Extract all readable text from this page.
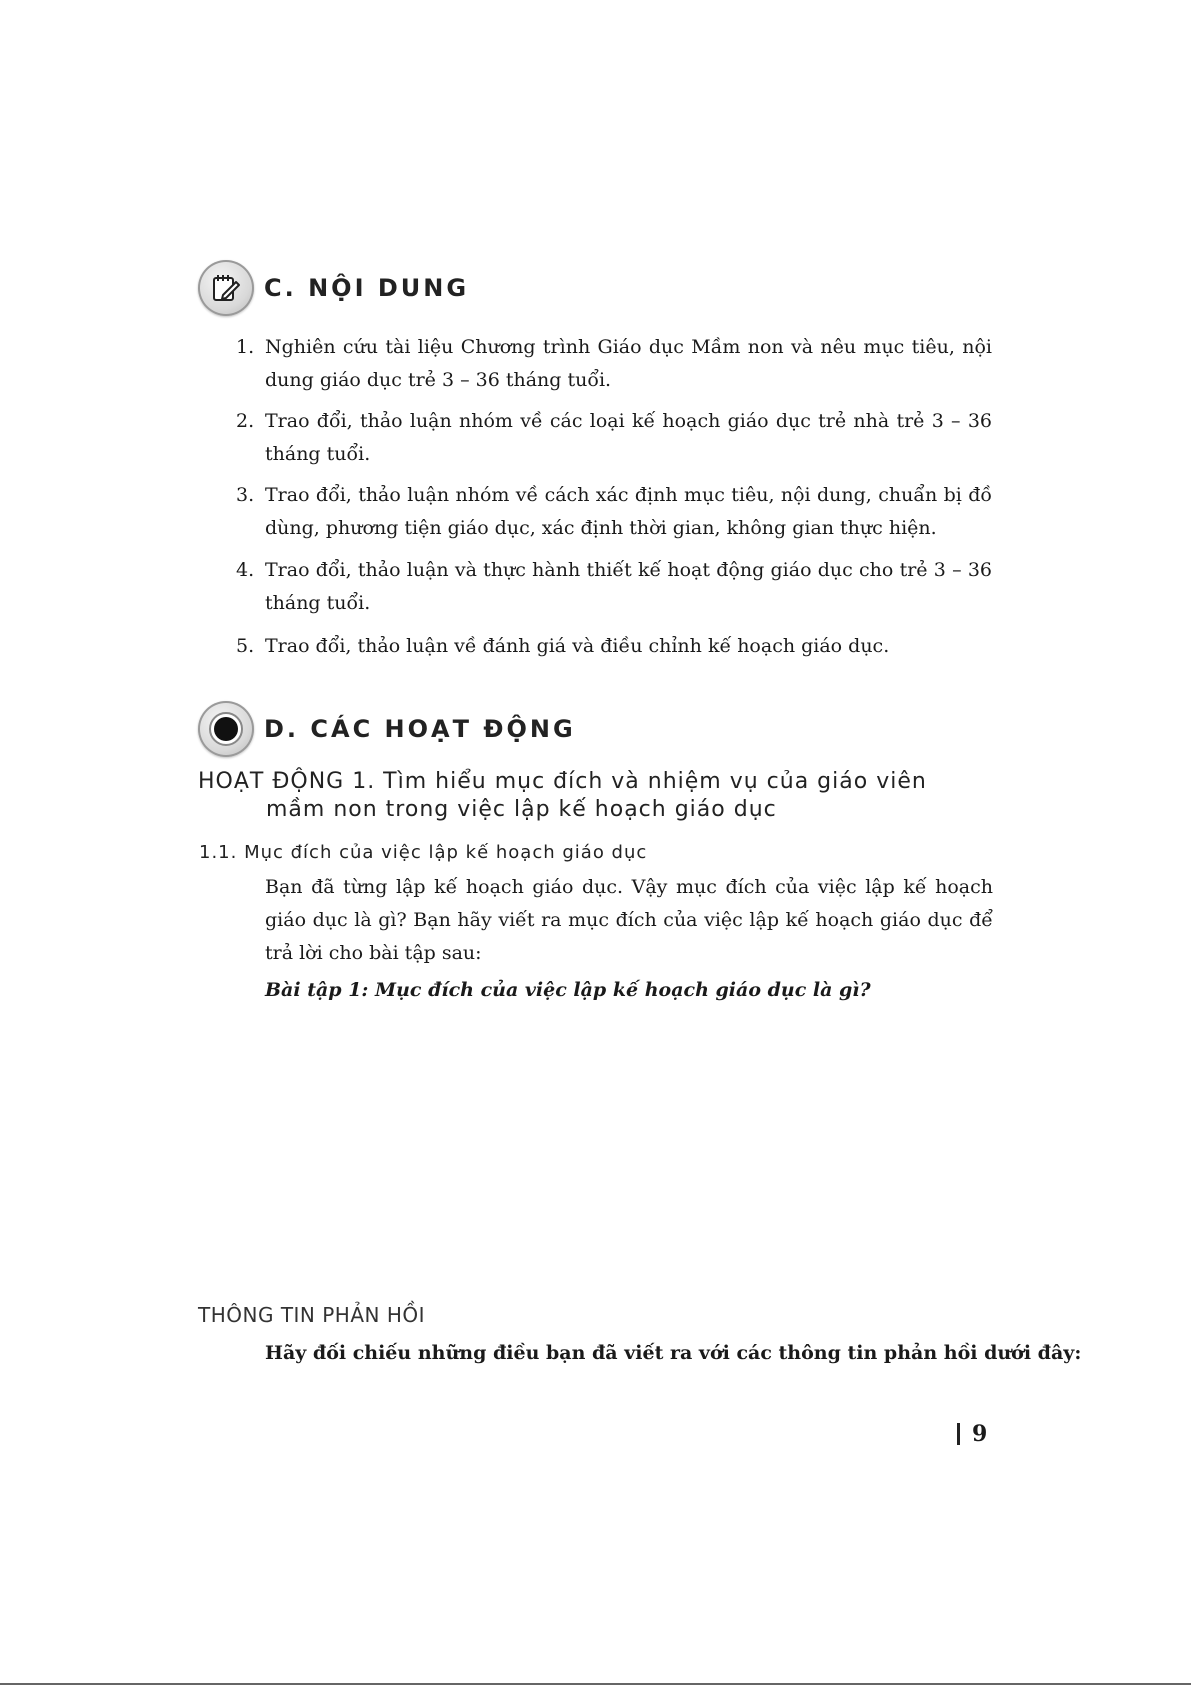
C. NỘI DUNG
1. Nghiên cứu tài liệu Chương trình Giáo dục Mầm non và nêu mục tiêu, nội dung giáo dục trẻ 3 – 36 tháng tuổi.
2. Trao đổi, thảo luận nhóm về các loại kế hoạch giáo dục trẻ nhà trẻ 3 – 36 tháng tuổi.
3. Trao đổi, thảo luận nhóm về cách xác định mục tiêu, nội dung, chuẩn bị đồ dùng, phương tiện giáo dục, xác định thời gian, không gian thực hiện.
4. Trao đổi, thảo luận và thực hành thiết kế hoạt động giáo dục cho trẻ 3 – 36 tháng tuổi.
5. Trao đổi, thảo luận về đánh giá và điều chỉnh kế hoạch giáo dục.
D. CÁC HOẠT ĐỘNG
HOẠT ĐỘNG 1. Tìm hiểu mục đích và nhiệm vụ của giáo viên
mầm non trong việc lập kế hoạch giáo dục
1.1. Mục đích của việc lập kế hoạch giáo dục
Bạn đã từng lập kế hoạch giáo dục. Vậy mục đích của việc lập kế hoạch giáo dục là gì? Bạn hãy viết ra mục đích của việc lập kế hoạch giáo dục để trả lời cho bài tập sau:
Bài tập 1: Mục đích của việc lập kế hoạch giáo dục là gì?
THÔNG TIN PHẢN HỒI
Hãy đối chiếu những điều bạn đã viết ra với các thông tin phản hồi dưới đây:
9
